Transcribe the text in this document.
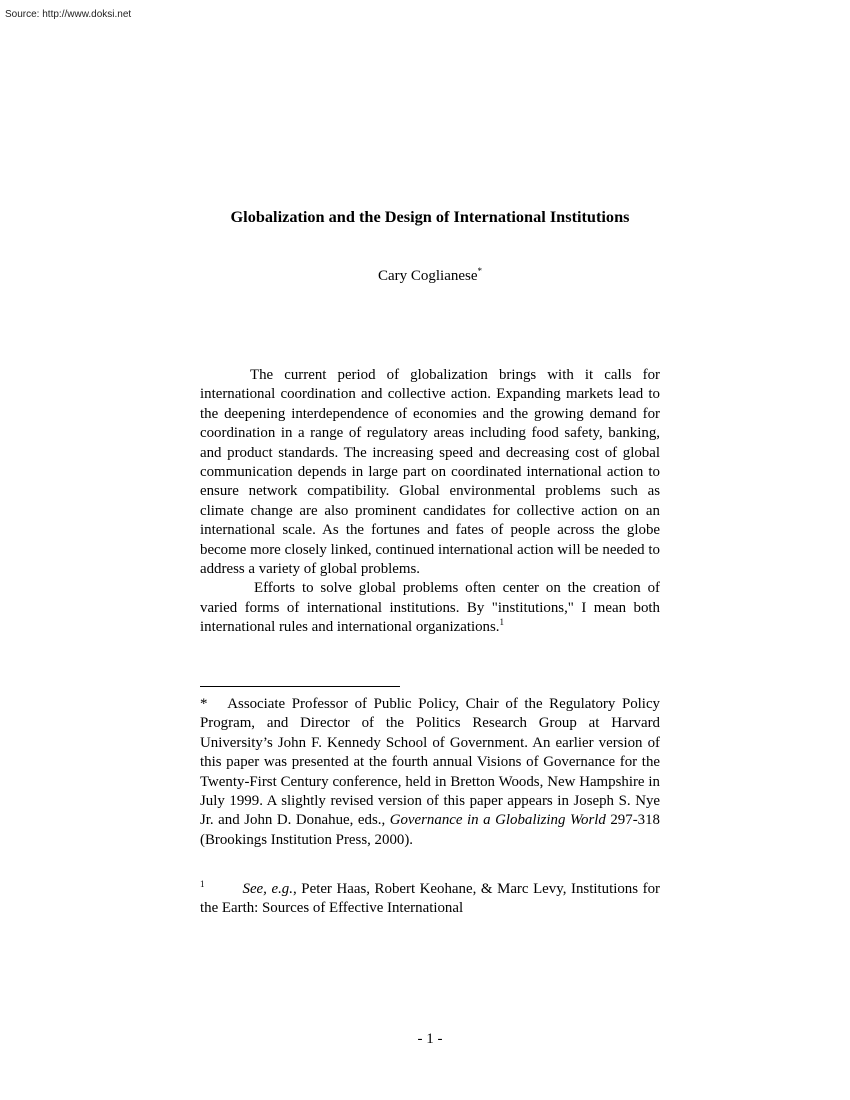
Source: http://www.doksi.net
Globalization and the Design of International Institutions
Cary Coglianese*

The current period of globalization brings with it calls for international coordination and collective action. Expanding markets lead to the deepening interdependence of economies and the growing demand for coordination in a range of regulatory areas including food safety, banking, and product standards. The increasing speed and decreasing cost of global communication depends in large part on coordinated international action to ensure network compatibility. Global environmental problems such as climate change are also prominent candidates for collective action on an international scale. As the fortunes and fates of people across the globe become more closely linked, continued international action will be needed to address a variety of global problems.

Efforts to solve global problems often center on the creation of varied forms of international institutions. By "institutions," I mean both international rules and international organizations.$^1$

* Associate Professor of Public Policy, Chair of the Regulatory Policy Program, and Director of the Politics Research Group at Harvard University’s John F. Kennedy School of Government. An earlier version of this paper was presented at the fourth annual Visions of Governance for the Twenty-First Century conference, held in Bretton Woods, New Hampshire in July 1999. A slightly revised version of this paper appears in Joseph S. Nye Jr. and John D. Donahue, eds., Governance in a Globalizing World 297-318 (Brookings Institution Press, 2000).

$^1$	See, e.g., Peter Haas, Robert Keohane, & Marc Levy, Institutions for the Earth: Sources of Effective International

- 1 -
